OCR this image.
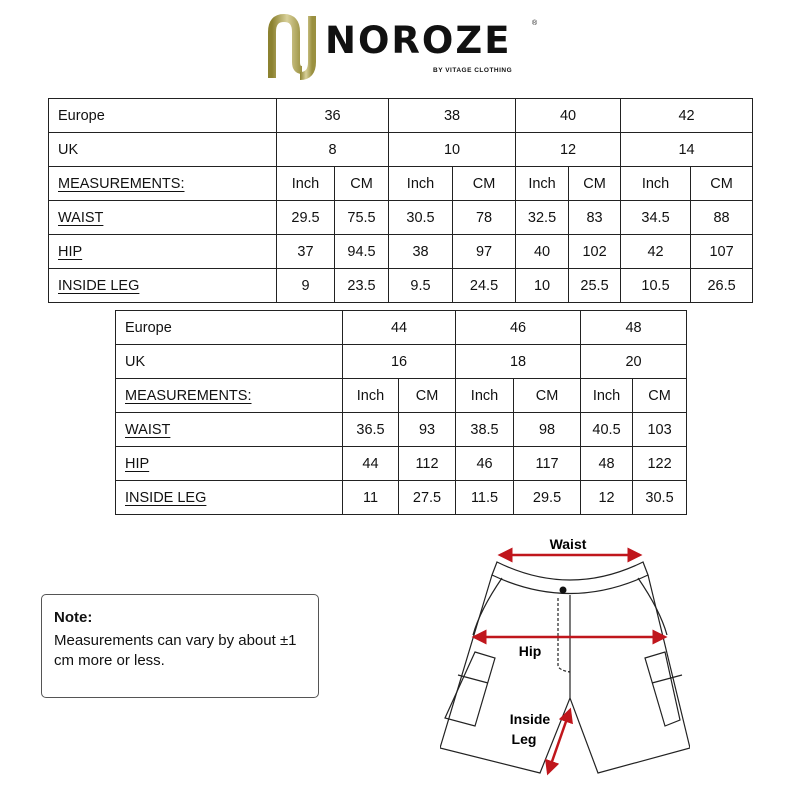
NOROZE	®
BY VITAGE CLOTHING
Europe	36		38		40		42	
UK	8		10		12		14	
MEASUREMENTS:	Inch	CM	Inch	CM	Inch	CM	Inch	CM
WAIST	29.5	75.5	30.5	78	32.5	83	34.5	88
HIP	37	94.5	38	97	40	102	42	107
INSIDE LEG	9	23.5	9.5	24.5	10	25.5	10.5	26.5
Europe	44		46		48	
UK	16		18		20	
MEASUREMENTS:	Inch	CM	Inch	CM	Inch	CM
WAIST	36.5	93	38.5	98	40.5	103
HIP	44	112	46	117	48	122
INSIDE LEG	11	27.5	11.5	29.5	12	30.5
Note:

Measurements can vary by about ±1 cm more or less.

Waist
Hip
Inside
Leg
